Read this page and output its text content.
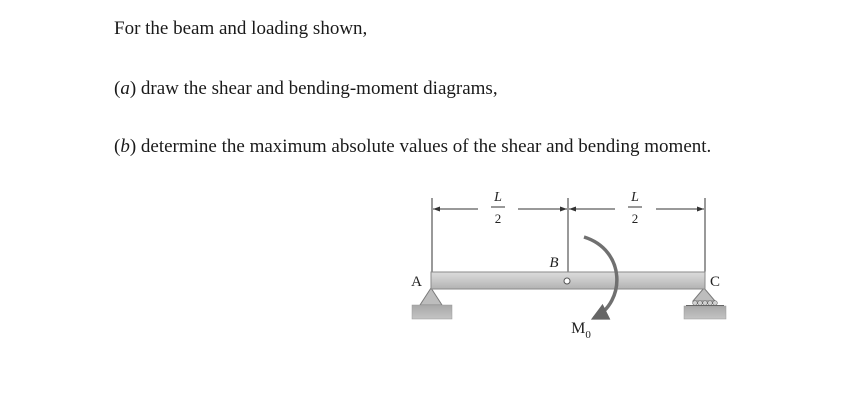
For the beam and loading shown,
(a) draw the shear and bending-moment diagrams,
(b) determine the maximum absolute values of the shear and bending moment.
L
2
L
2
A
B
C
$M_0$
